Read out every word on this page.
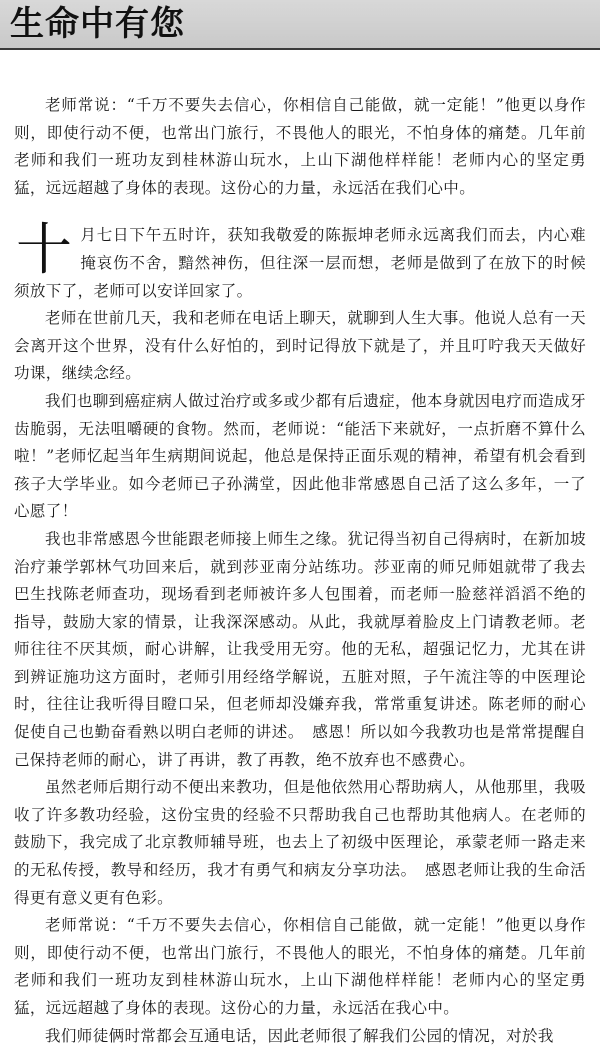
生命中有您

老师常说：“千万不要失去信心，你相信自己能做，就一定能！”他更以身作则，即使行动不便，也常出门旅行，不畏他人的眼光，不怕身体的痛楚。几年前老师和我们一班功友到桂林游山玩水，上山下湖他样样能！老师内心的坚定勇猛，远远超越了身体的表现。这份心的力量，永远活在我们心中。

十月七日下午五时许，获知我敬爱的陈振坤老师永远离我们而去，内心难掩哀伤不舍，黯然神伤，但往深一层而想，老师是做到了在放下的时候须放下了，老师可以安详回家了。

老师在世前几天，我和老师在电话上聊天，就聊到人生大事。他说人总有一天会离开这个世界，没有什么好怕的，到时记得放下就是了，并且叮咛我天天做好功课，继续念经。

我们也聊到癌症病人做过治疗或多或少都有后遗症，他本身就因电疗而造成牙齿脆弱，无法咀嚼硬的食物。然而，老师说：“能活下来就好，一点折磨不算什么啦！”老师忆起当年生病期间说起，他总是保持正面乐观的精神，希望有机会看到孩子大学毕业。如今老师已子孙满堂，因此他非常感恩自己活了这么多年，一了心愿了！

我也非常感恩今世能跟老师接上师生之缘。犹记得当初自己得病时，在新加坡治疗兼学郭林气功回来后，就到莎亚南分站练功。莎亚南的师兄师姐就带了我去巴生找陈老师查功，现场看到老师被许多人包围着，而老师一脸慈祥滔滔不绝的指导，鼓励大家的情景，让我深深感动。从此，我就厚着脸皮上门请教老师。老师往往不厌其烦，耐心讲解，让我受用无穷。他的无私，超强记忆力，尤其在讲到辨证施功这方面时，老师引用经络学解说，五脏对照，子午流注等的中医理论时，往往让我听得目瞪口呆，但老师却没嫌弃我，常常重复讲述。陈老师的耐心促使自己也勤奋看熟以明白老师的讲述。　感恩！所以如今我教功也是常常提醒自己保持老师的耐心，讲了再讲，教了再教，绝不放弃也不感费心。

虽然老师后期行动不便出来教功，但是他依然用心帮助病人，从他那里，我吸收了许多教功经验，这份宝贵的经验不只帮助我自己也帮助其他病人。在老师的鼓励下，我完成了北京教师辅导班，也去上了初级中医理论，承蒙老师一路走来的无私传授，教导和经历，我才有勇气和病友分享功法。　感恩老师让我的生命活得更有意义更有色彩。

老师常说：“千万不要失去信心，你相信自己能做，就一定能！”他更以身作则，即使行动不便，也常出门旅行，不畏他人的眼光，不怕身体的痛楚。几年前老师和我们一班功友到桂林游山玩水，上山下湖他样样能！老师内心的坚定勇猛，远远超越了身体的表现。这份心的力量，永远活在我心中。

我们师徒俩时常都会互通电话，因此老师很了解我们公园的情况，对於我
